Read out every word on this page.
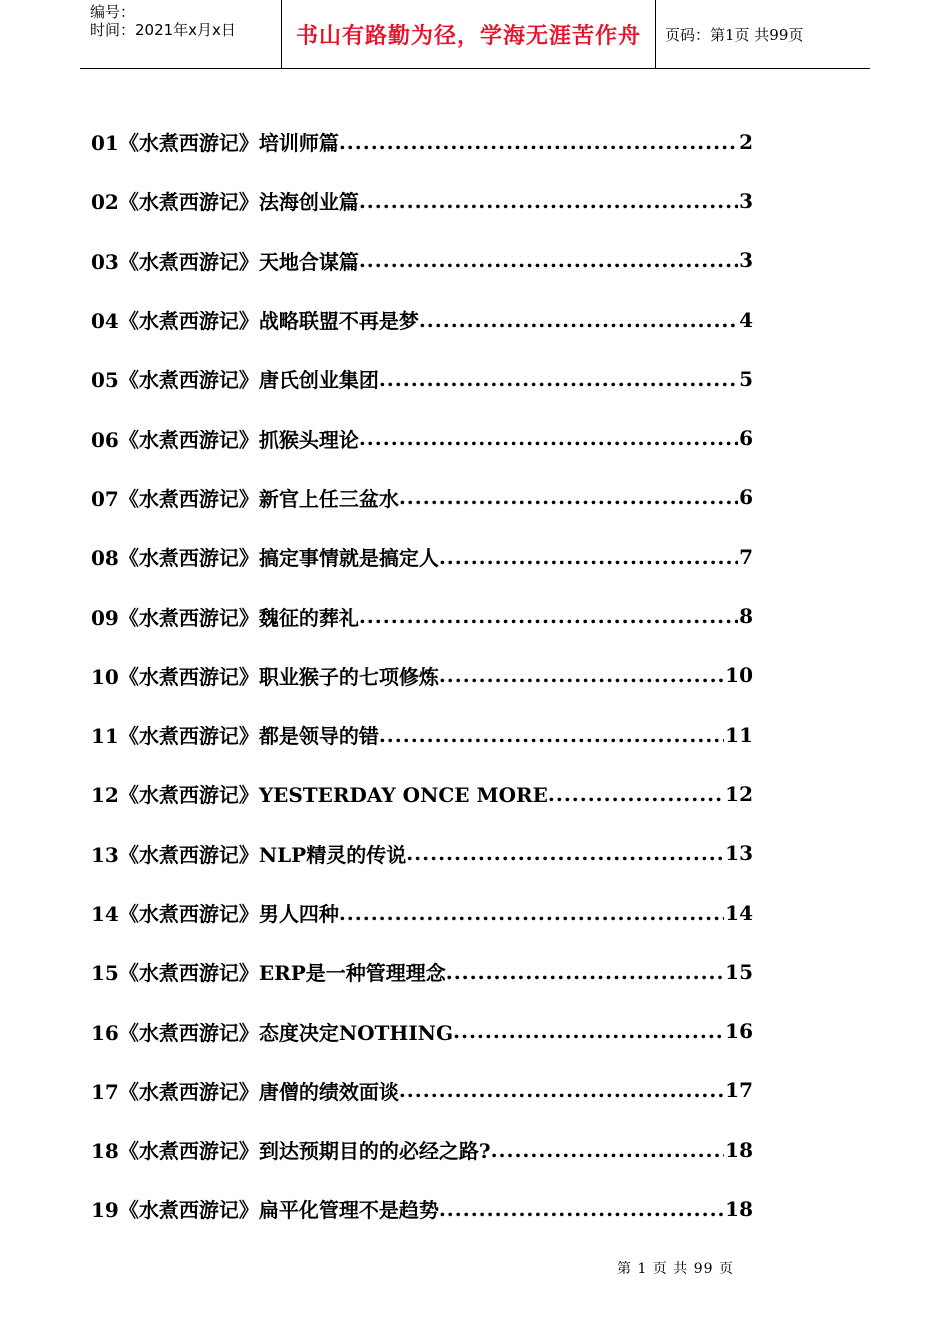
编号：
时间：2021年x月x日	书山有路勤为径，学海无涯苦作舟	页码：第1页 共99页
01《水煮西游记》培训师篇 .....	2
02《水煮西游记》法海创业篇 .....	3
03《水煮西游记》天地合谋篇 .....	3
04《水煮西游记》战略联盟不再是梦 .....	4
05《水煮西游记》唐氏创业集团 .....	5
06《水煮西游记》抓猴头理论 .....	6
07《水煮西游记》新官上任三盆水 .....	6
08《水煮西游记》搞定事情就是搞定人 .....	7
09《水煮西游记》魏征的葬礼 .....	8
10《水煮西游记》职业猴子的七项修炼 .....	10
11《水煮西游记》都是领导的错 .....	11
12《水煮西游记》YESTERDAY ONCE MORE .....	12
13《水煮西游记》NLP精灵的传说 .....	13
14《水煮西游记》男人四种 .....	14
15《水煮西游记》ERP是一种管理理念 .....	15
16《水煮西游记》态度决定NOTHING .....	16
17《水煮西游记》唐僧的绩效面谈 .....	17
18《水煮西游记》到达预期目的的必经之路? .....	18
19《水煮西游记》扁平化管理不是趋势 .....	18
第 1 页 共 99 页
